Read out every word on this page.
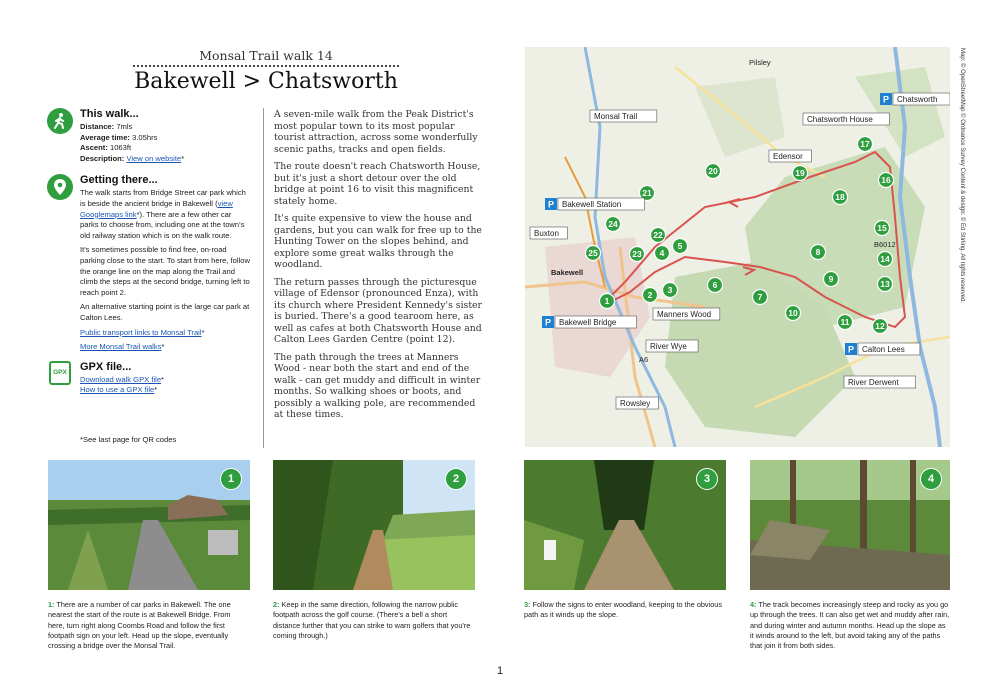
Monsal Trail walk 14
Bakewell > Chatsworth
This walk...
Distance: 7mls
Average time: 3.05hrs
Ascent: 1063ft
Description: View on website*
Getting there...

The walk starts from Bridge Street car park which is beside the ancient bridge in Bakewell (view Googlemaps link*). There are a few other car parks to choose from, including one at the town's old railway station which is on the walk route.

It's sometimes possible to find free, on-road parking close to the start. To start from here, follow the orange line on the map along the Trail and climb the steps at the second bridge, turning left to reach point 2.

An alternative starting point is the large car park at Calton Lees.

Public transport links to Monsal Trail*

More Monsal Trail walks*

GPX	GPX file...
Download walk GPX file*
How to use a GPX file*
*See last page for QR codes

A seven-mile walk from the Peak District's most popular town to its most popular tourist attraction, across some wonderfully scenic paths, tracks and open fields.

The route doesn't reach Chatsworth House, but it's just a short detour over the old bridge at point 16 to visit this magnificent stately home.

It's quite expensive to view the house and gardens, but you can walk for free up to the Hunting Tower on the slopes behind, and explore some great walks through the woodland.

The return passes through the picturesque village of Edensor (pronounced Enza), with its church where President Kennedy's sister is buried. There's a good tearoom here, as well as cafes at both Chatsworth House and Calton Lees Garden Centre (point 12).

The path through the trees at Manners Wood - near both the start and end of the walk - can get muddy and difficult in winter months. So walking shoes or boots, and possibly a walking pole, are recommended at these times.

1
2 3
4
5
6
7
8
9
10
11	12
13
14
15
16
17
18
19
20
21
22
23
24
25
Monsal Trail
P Chatsworth
Chatsworth House
Edensor
P Bakewell Station
Buxton
P Bakewell Bridge
Manners Wood
River Wye
Rowsley
P Calton Lees
River Derwent
Bakewell
A6
Pilsley
B6012	Map: © OpenStreetMap © Ordnance Survey Content & design: © Ed Stirling. All rights reserved.
1	2	3	4
1: There are a number of car parks in Bakewell. The one nearest the start of the route is at Bakewell Bridge. From here, turn right along Coombs Road and follow the first footpath sign on your left. Head up the slope, eventually crossing a bridge over the Monsal Trail.
2: Keep in the same direction, following the narrow public footpath across the golf course. (There's a bell a short distance further that you can strike to warn golfers that you're coming through.)
3: Follow the signs to enter woodland, keeping to the obvious path as it winds up the slope.
4: The track becomes increasingly steep and rocky as you go up through the trees. It can also get wet and muddy after rain, and during winter and autumn months. Head up the slope as it winds around to the left, but avoid taking any of the paths that join it from both sides.
1
